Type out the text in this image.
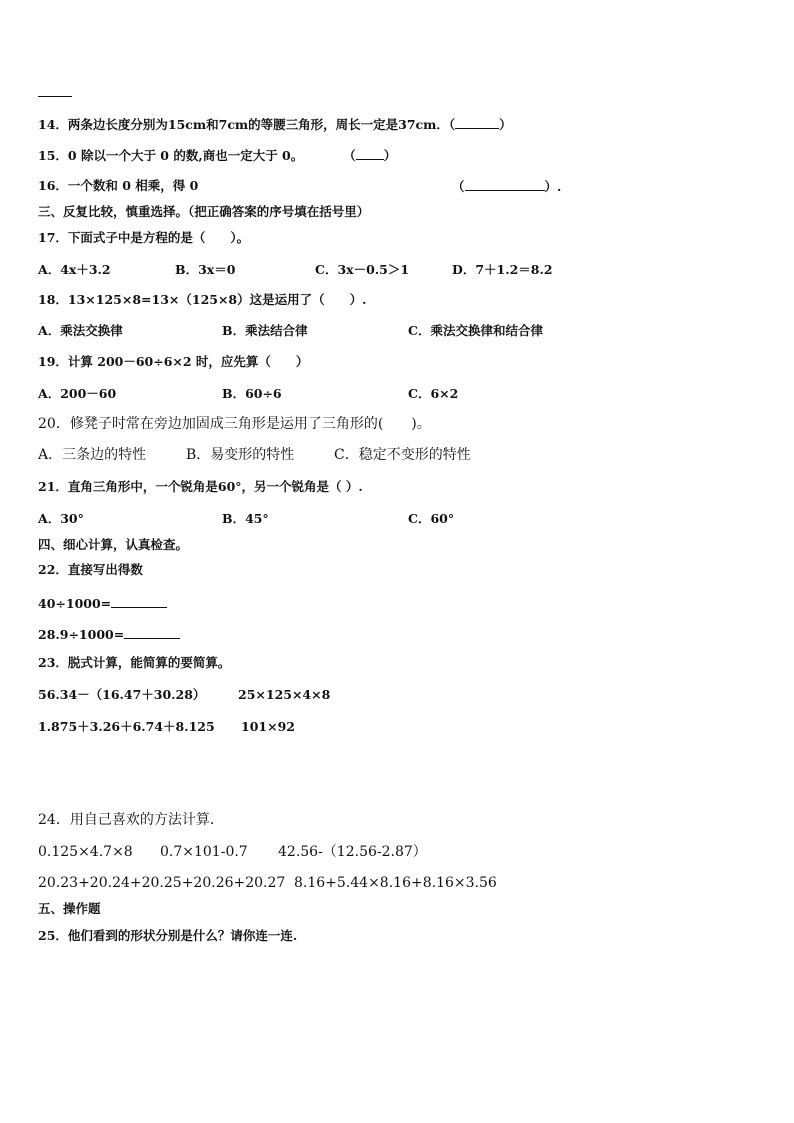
14．两条边长度分别为15cm和7cm的等腰三角形，周长一定是37cm．（	）
15．0 除以一个大于 0 的数,商也一定大于 0。	（ ）
16．一个数和 0 相乘，得 0	（	）.
三、反复比较，慎重选择。（把正确答案的序号填在括号里）
17．下面式子中是方程的是（　　）。
A．4x＋3.2	B．3x＝0	C．3x－0.5＞1	D．7＋1.2＝8.2
18．13×125×8=13×（125×8）这是运用了（　　）.
A．乘法交换律	B．乘法结合律	C．乘法交换律和结合律
19．计算 200－60÷6×2 时，应先算（　　）
A．200－60	B．60÷6	C．6×2
20．修凳子时常在旁边加固成三角形是运用了三角形的(　　)。
A．三条边的特性	B．易变形的特性	C．稳定不变形的特性
21．直角三角形中，一个锐角是60°，另一个锐角是（ ）.
A．30°	B．45°	C．60°
四、细心计算，认真检查。
22．直接写出得数
40÷1000=
28.9÷1000=
23．脱式计算，能简算的要简算。
56.34－（16.47＋30.28）	25×125×4×8
1.875＋3.26＋6.74＋8.125 101×92
24．用自己喜欢的方法计算．
0.125×4.7×8 0.7×101-0.7 42.56-（12.56-2.87）
20.23+20.24+20.25+20.26+20.27 8.16+5.44×8.16+8.16×3.56
五、操作题
25．他们看到的形状分别是什么？请你连一连.
